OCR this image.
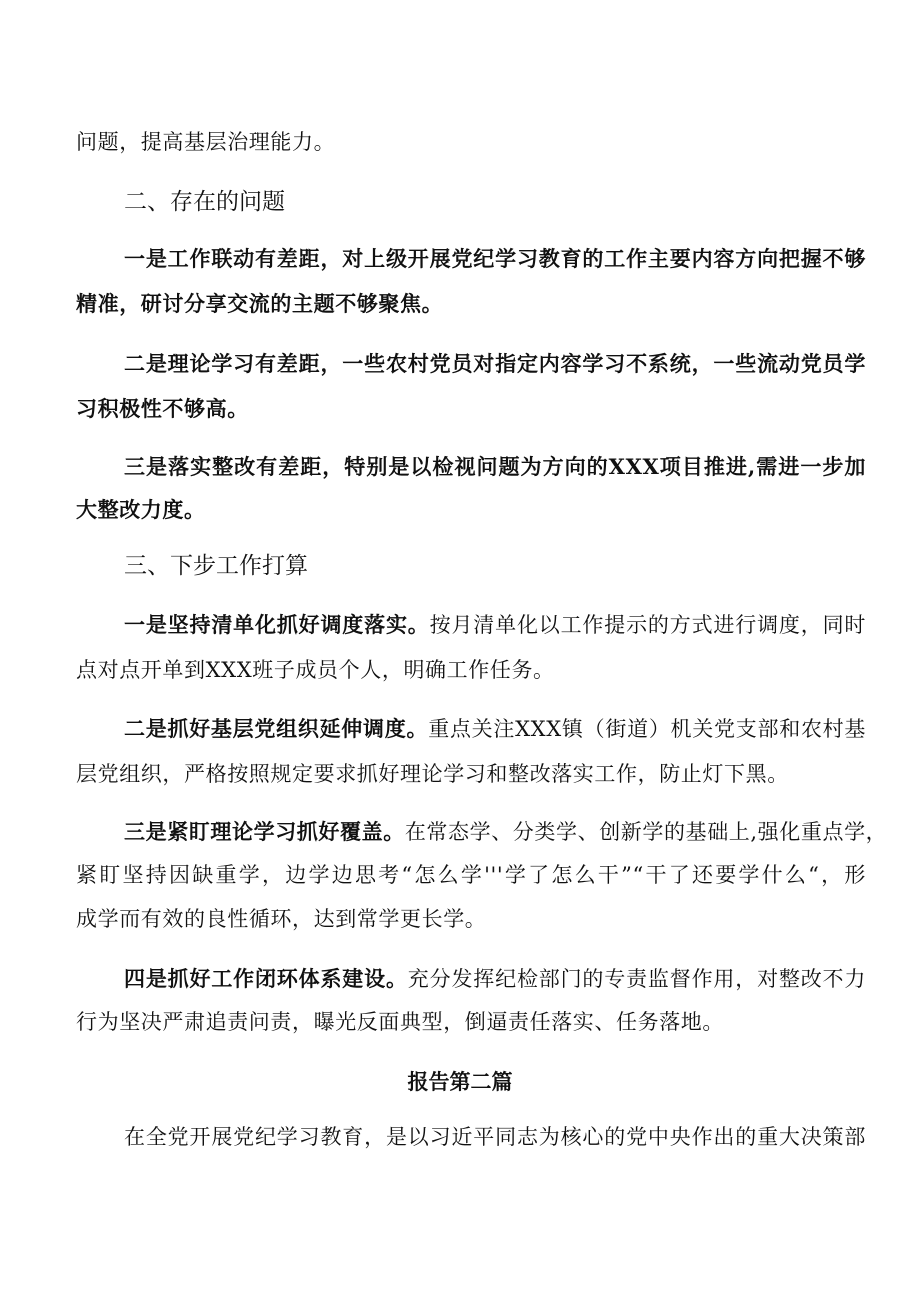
问题，提高基层治理能力。
二、存在的问题
一是工作联动有差距，对上级开展党纪学习教育的工作主要内容方向把握不够
精准，研讨分享交流的主题不够聚焦。
二是理论学习有差距，一些农村党员对指定内容学习不系统，一些流动党员学
习积极性不够高。
三是落实整改有差距，特别是以检视问题为方向的XXX项目推进,需进一步加
大整改力度。
三、下步工作打算
一是坚持清单化抓好调度落实。按月清单化以工作提示的方式进行调度，同时
点对点开单到XXX班子成员个人，明确工作任务。
二是抓好基层党组织延伸调度。重点关注XXX镇（街道）机关党支部和农村基
层党组织，严格按照规定要求抓好理论学习和整改落实工作，防止灯下黑。
三是紧盯理论学习抓好覆盖。在常态学、分类学、创新学的基础上,强化重点学，
紧盯坚持因缺重学，边学边思考“怎么学'''学了怎么干”“干了还要学什么“，形
成学而有效的良性循环，达到常学更长学。
四是抓好工作闭环体系建设。充分发挥纪检部门的专责监督作用，对整改不力
行为坚决严肃追责问责，曝光反面典型，倒逼责任落实、任务落地。
报告第二篇
在全党开展党纪学习教育，是以习近平同志为核心的党中央作出的重大决策部
